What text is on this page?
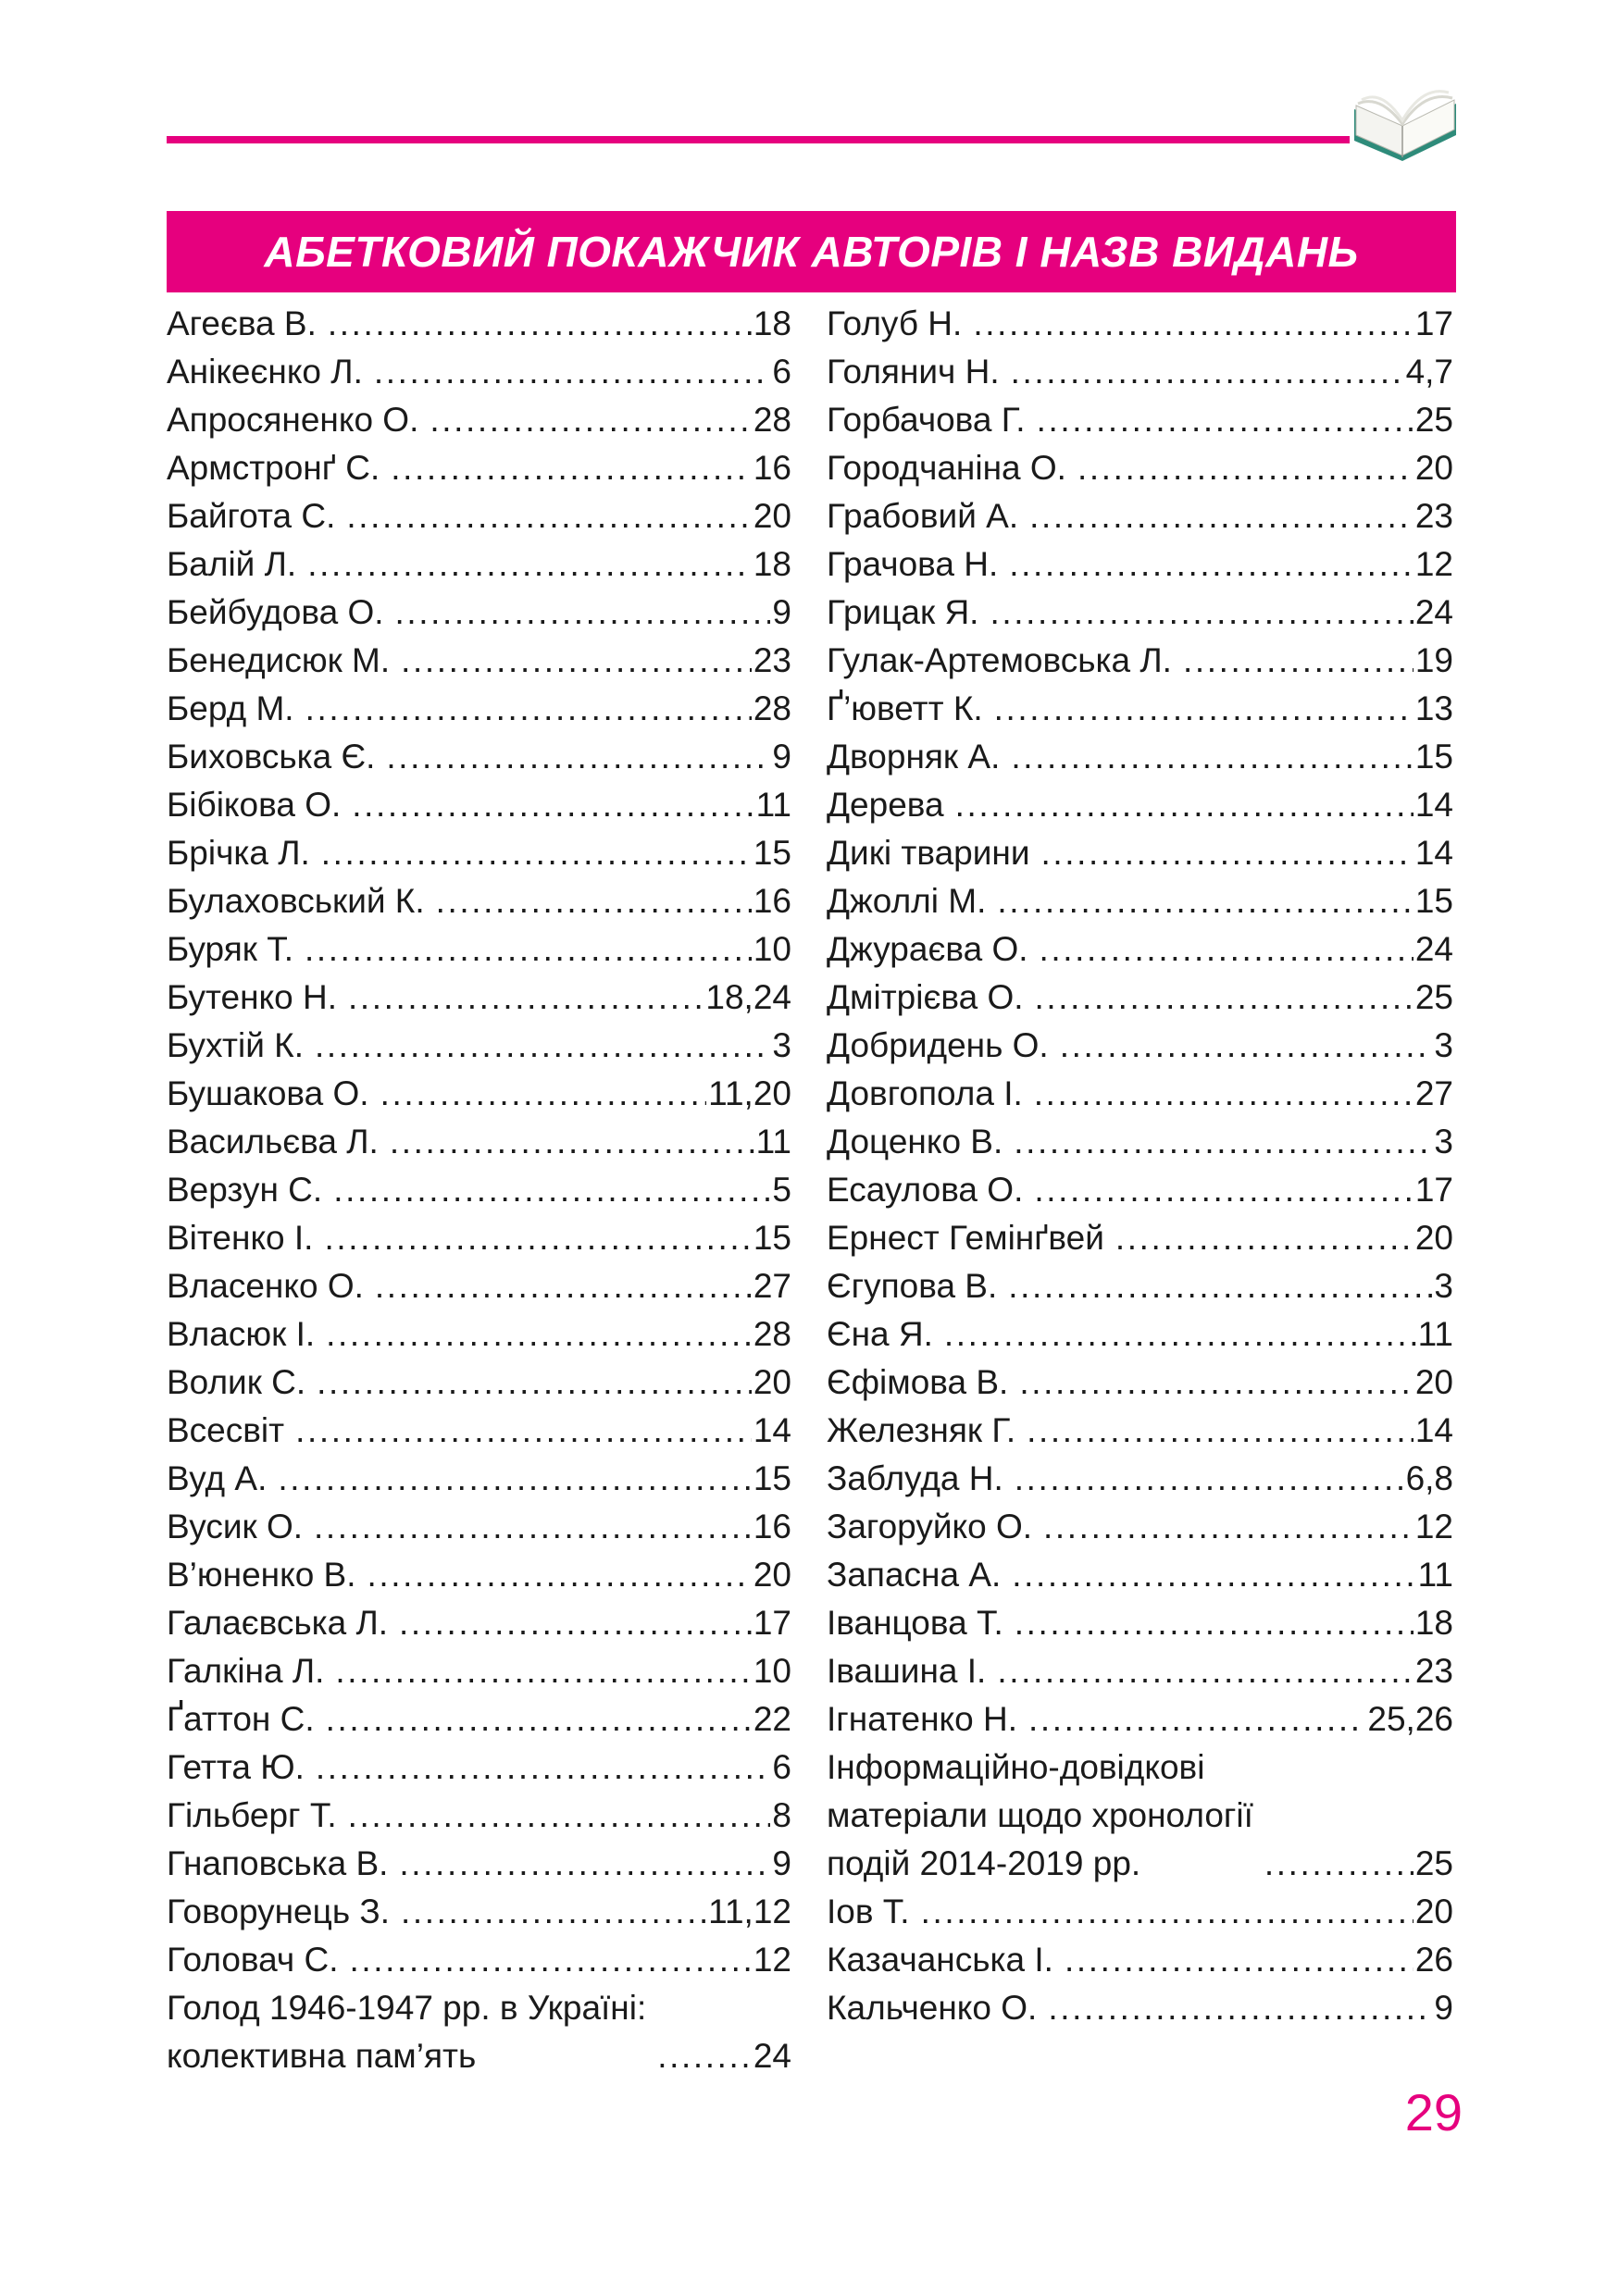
АБЕТКОВИЙ ПОКАЖЧИК АВТОРІВ І НАЗВ ВИДАНЬ
Агеєва В. .....	18
Анікеєнко Л. .....	6
Апросяненко О. .....	28
Армстронґ С. .....	16
Байгота С. .....	20
Балій Л. .....	18
Бейбудова О. .....	9
Бенедисюк М. .....	23
Берд М. .....	28
Биховська Є. .....	9
Бібікова О. .....	11
Брічка Л. .....	15
Булаховський К. .....	16
Буряк Т. .....	10
Бутенко Н. .....	18,24
Бухтій К. .....	3
Бушакова О. .....	11,20
Васильєва Л. .....	11
Верзун С. .....	5
Вітенко І. .....	15
Власенко О. .....	27
Власюк І. .....	28
Волик С. .....	20
Всесвіт .....	14
Вуд А. .....	15
Вусик О. .....	16
В’юненко В. .....	20
Галаєвська Л. .....	17
Галкіна Л. .....	10
Ґаттон С. .....	22
Гетта Ю. .....	6
Гільберг Т. .....	8
Гнаповська В. .....	9
Говорунець З. .....	11,12
Головач С. .....	12
Голод 1946-1947 рр. в Україні:
колективна пам’ять .....	24
Голуб Н. .....	17
Голянич Н. .....	4,7
Горбачова Г. .....	25
Городчаніна О. .....	20
Грабовий А. .....	23
Грачова Н. .....	12
Грицак Я. .....	24
Гулак-Артемовська Л. .....	19
Ґ’юветт К. .....	13
Дворняк А. .....	15
Дерева .....	14
Дикі тварини .....	14
Джоллі М. .....	15
Джураєва О. .....	24
Дмітрієва О. .....	25
Добридень О. .....	3
Довгопола І. .....	27
Доценко В. .....	3
Есаулова О. .....	17
Ернест Гемінґвей .....	20
Єгупова В. .....	3
Єна Я. .....	11
Єфімова В. .....	20
Железняк Г. .....	14
Заблуда Н. .....	6,8
Загоруйко О. .....	12
Запасна А. .....	11
Іванцова Т. .....	18
Івашина І. .....	23
Ігнатенко Н. .....	25,26
Інформаційно-довідкові
матеріали щодо хронології
подій 2014-2019 рр. .....	25
Іов Т. .....	20
Казачанська І. .....	26
Кальченко О. .....	9
29
